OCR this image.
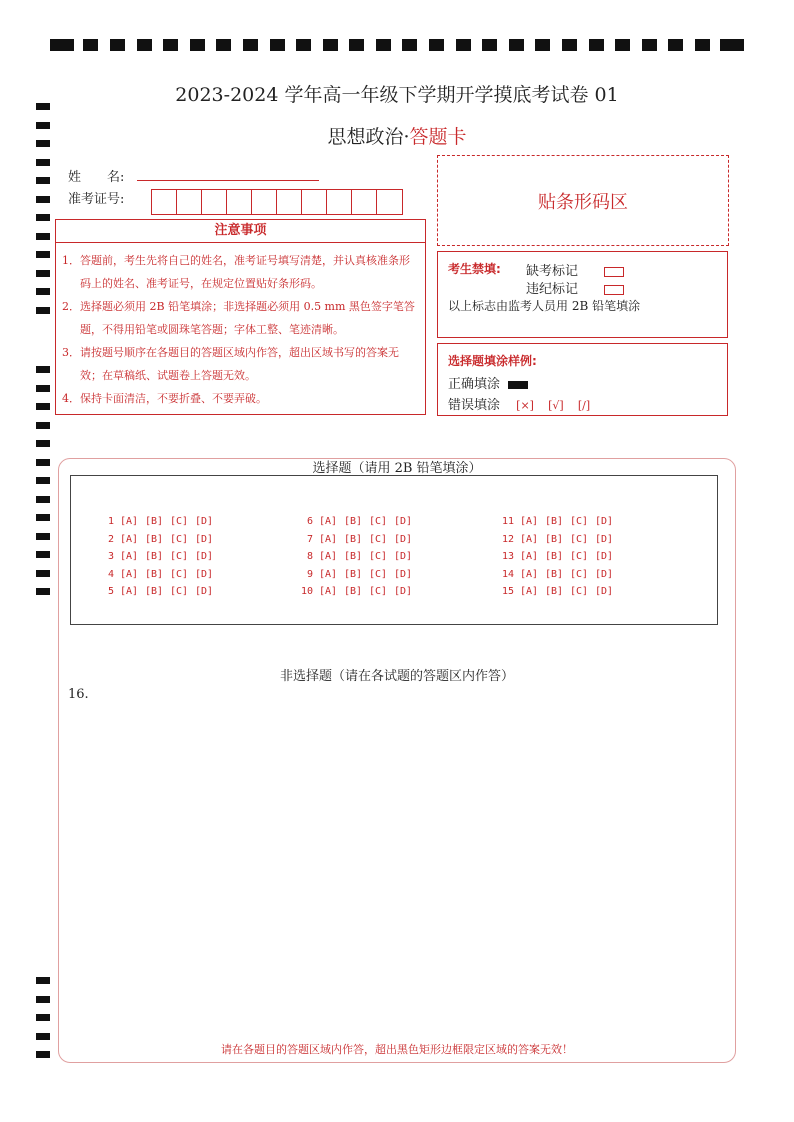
2023-2024 学年高一年级下学期开学摸底考试卷 01
思想政治·答题卡
姓　　名:
准考证号:	贴条形码区
注意事项
1．答题前，考生先将自己的姓名，准考证号填写清楚，并认真核准条形码上的姓名、准考证号，在规定位置贴好条形码。
2．选择题必须用 2B 铅笔填涂；非选择题必须用 0.5 mm 黑色签字笔答题，不得用铅笔或圆珠笔答题；字体工整、笔迹清晰。
3．请按题号顺序在各题目的答题区域内作答，超出区域书写的答案无效；在草稿纸、试题卷上答题无效。
4．保持卡面清洁，不要折叠、不要弄破。
考生禁填: 缺考标记
违纪标记
以上标志由监考人员用 2B 铅笔填涂
选择题填涂样例:
正确填涂
错误填涂 [×] [√] [/]
选择题（请用 2B 铅笔填涂）
1 [A] [B] [C] [D]
2 [A] [B] [C] [D]
3 [A] [B] [C] [D]
4 [A] [B] [C] [D]
5 [A] [B] [C] [D]
6 [A] [B] [C] [D]
7 [A] [B] [C] [D]
8 [A] [B] [C] [D]
9 [A] [B] [C] [D]
10 [A] [B] [C] [D]
11 [A] [B] [C] [D]
12 [A] [B] [C] [D]
13 [A] [B] [C] [D]
14 [A] [B] [C] [D]
15 [A] [B] [C] [D]
非选择题（请在各试题的答题区内作答）
16.
请在各题目的答题区域内作答，超出黑色矩形边框限定区域的答案无效！
